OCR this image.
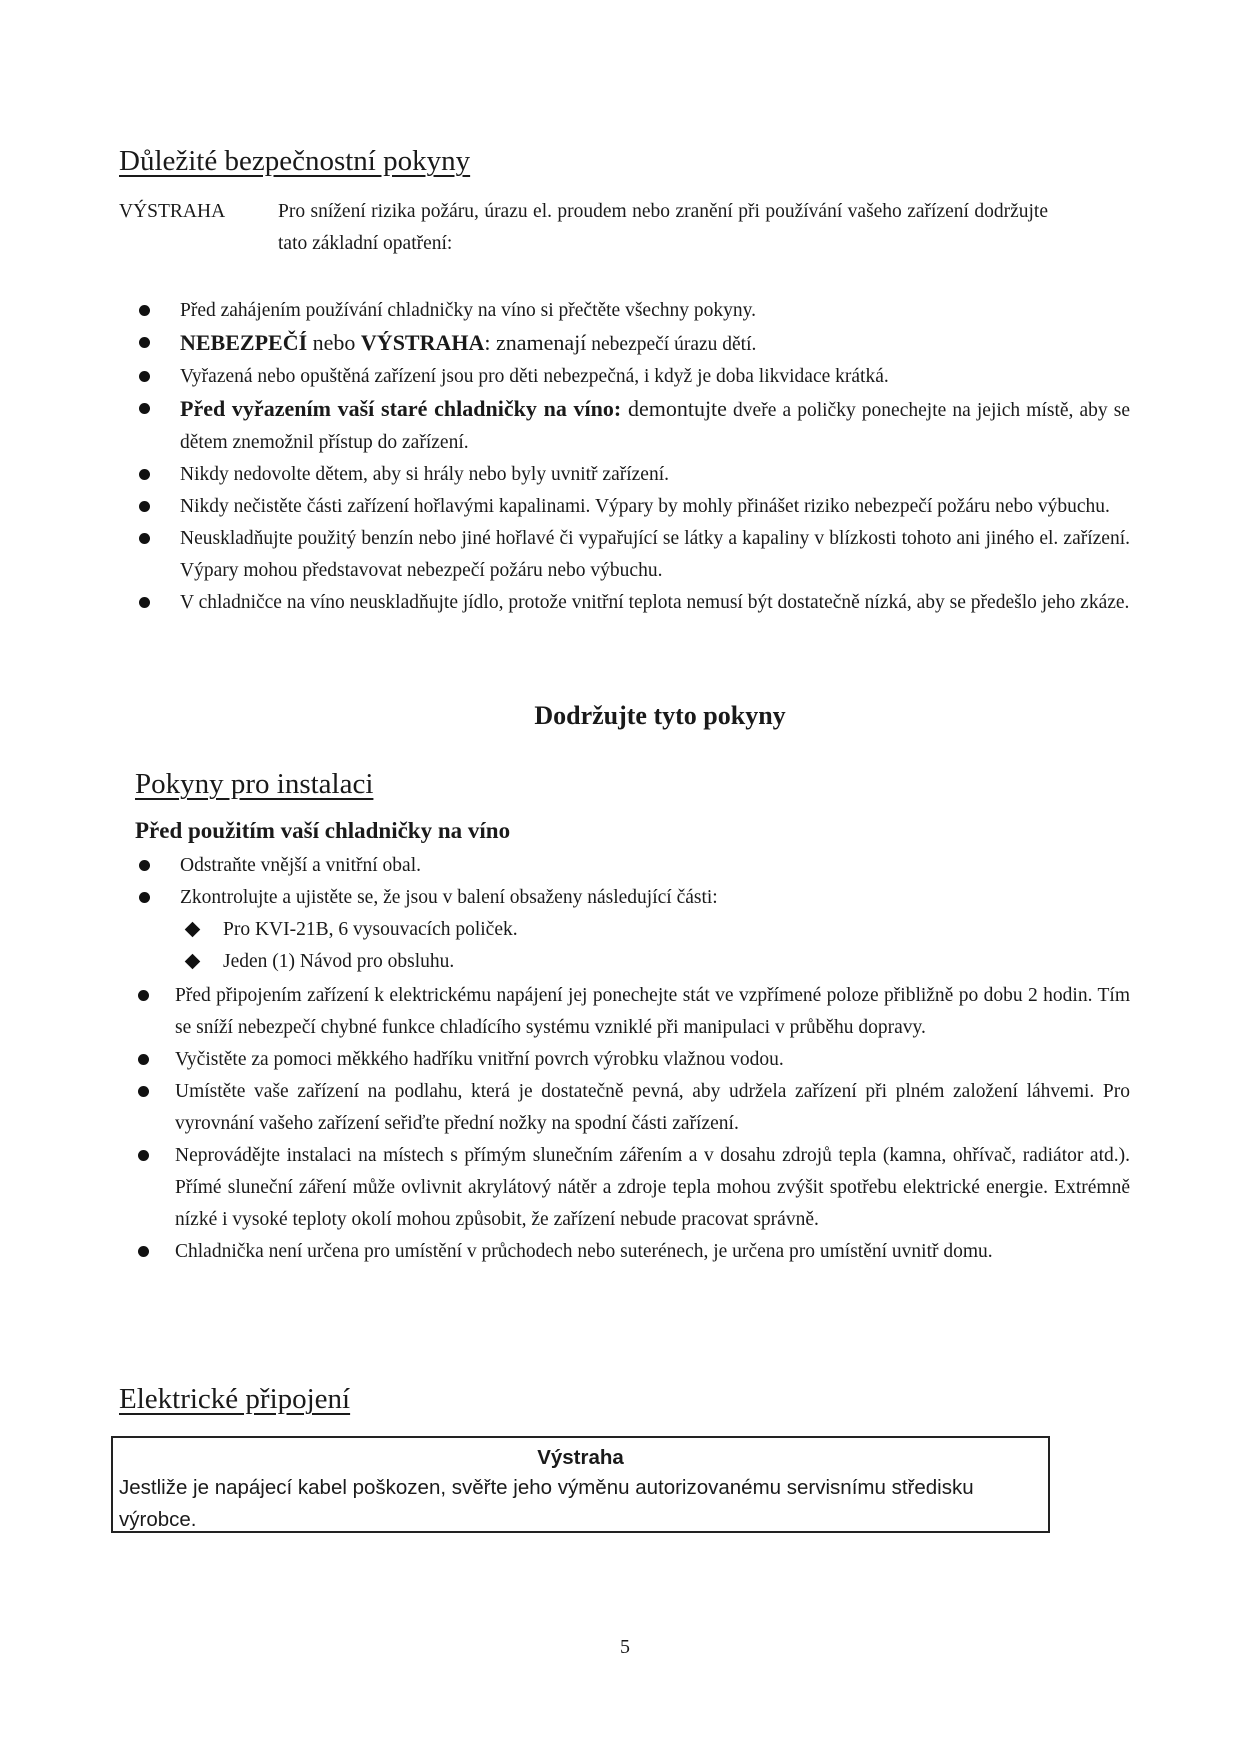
Důležité bezpečnostní pokyny
VÝSTRAHA	Pro snížení rizika požáru, úrazu el. proudem nebo zranění při používání vašeho zařízení dodržujte tato základní opatření:
Před zahájením používání chladničky na víno si přečtěte všechny pokyny.
NEBEZPEČÍ nebo VÝSTRAHA: znamenají nebezpečí úrazu dětí.
Vyřazená nebo opuštěná zařízení jsou pro děti nebezpečná, i když je doba likvidace krátká.
Před vyřazením vaší staré chladničky na víno: demontujte dveře a poličky ponechejte na jejich místě, aby se dětem znemožnil přístup do zařízení.
Nikdy nedovolte dětem, aby si hrály nebo byly uvnitř zařízení.
Nikdy nečistěte části zařízení hořlavými kapalinami. Výpary by mohly přinášet riziko nebezpečí požáru nebo výbuchu.
Neuskladňujte použitý benzín nebo jiné hořlavé či vypařující se látky a kapaliny v blízkosti tohoto ani jiného el. zařízení. Výpary mohou představovat nebezpečí požáru nebo výbuchu.
V chladničce na víno neuskladňujte jídlo, protože vnitřní teplota nemusí být dostatečně nízká, aby se předešlo jeho zkáze.
Dodržujte tyto pokyny
Pokyny pro instalaci
Před použitím vaší chladničky na víno
Odstraňte vnější a vnitřní obal.
Zkontrolujte a ujistěte se, že jsou v balení obsaženy následující části:
Pro KVI-21B, 6 vysouvacích poliček.
Jeden (1) Návod pro obsluhu.
Před připojením zařízení k elektrickému napájení jej ponechejte stát ve vzpřímené poloze přibližně po dobu 2 hodin. Tím se sníží nebezpečí chybné funkce chladícího systému vzniklé při manipulaci v průběhu dopravy.
Vyčistěte za pomoci měkkého hadříku vnitřní povrch výrobku vlažnou vodou.
Umístěte vaše zařízení na podlahu, která je dostatečně pevná, aby udržela zařízení při plném založení láhvemi. Pro vyrovnání vašeho zařízení seřiďte přední nožky na spodní části zařízení.
Neprovádějte instalaci na místech s přímým slunečním zářením a v dosahu zdrojů tepla (kamna, ohřívač, radiátor atd.). Přímé sluneční záření může ovlivnit akrylátový nátěr a zdroje tepla mohou zvýšit spotřebu elektrické energie. Extrémně nízké i vysoké teploty okolí mohou způsobit, že zařízení nebude pracovat správně.
Chladnička není určena pro umístění v průchodech nebo suterénech, je určena pro umístění uvnitř domu.
Elektrické připojení
Výstraha
Jestliže je napájecí kabel poškozen, svěřte jeho výměnu autorizovanému servisnímu středisku výrobce.
5
